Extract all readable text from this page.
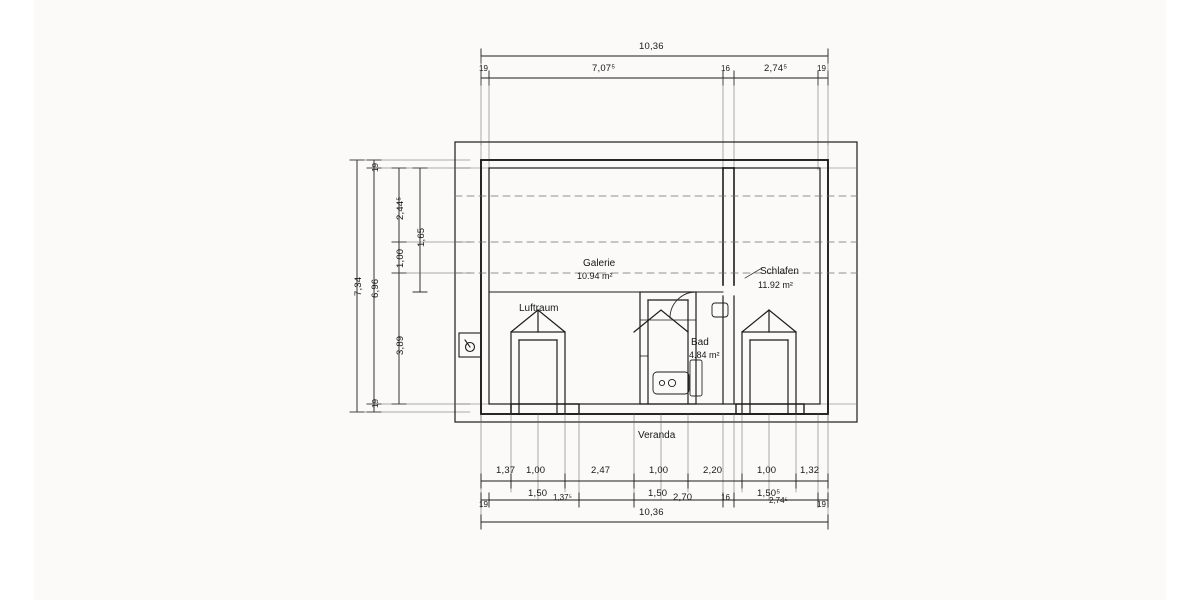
10,36
19	7,07⁵	16	2,74⁵	19
7,34
19
6,96
19
2,44⁵
1,00
3,89
1,65
Galerie
10.94 m²	Schlafen
11.92 m²
Bad
4.84 m²
Luftraum
Veranda
1,37 1,00	2,47	1,00	2,20	1,00 1,32
19
1,50 1,37⁵	1,50 2,70	16	1,50⁵
2,74⁵	19
10,36
